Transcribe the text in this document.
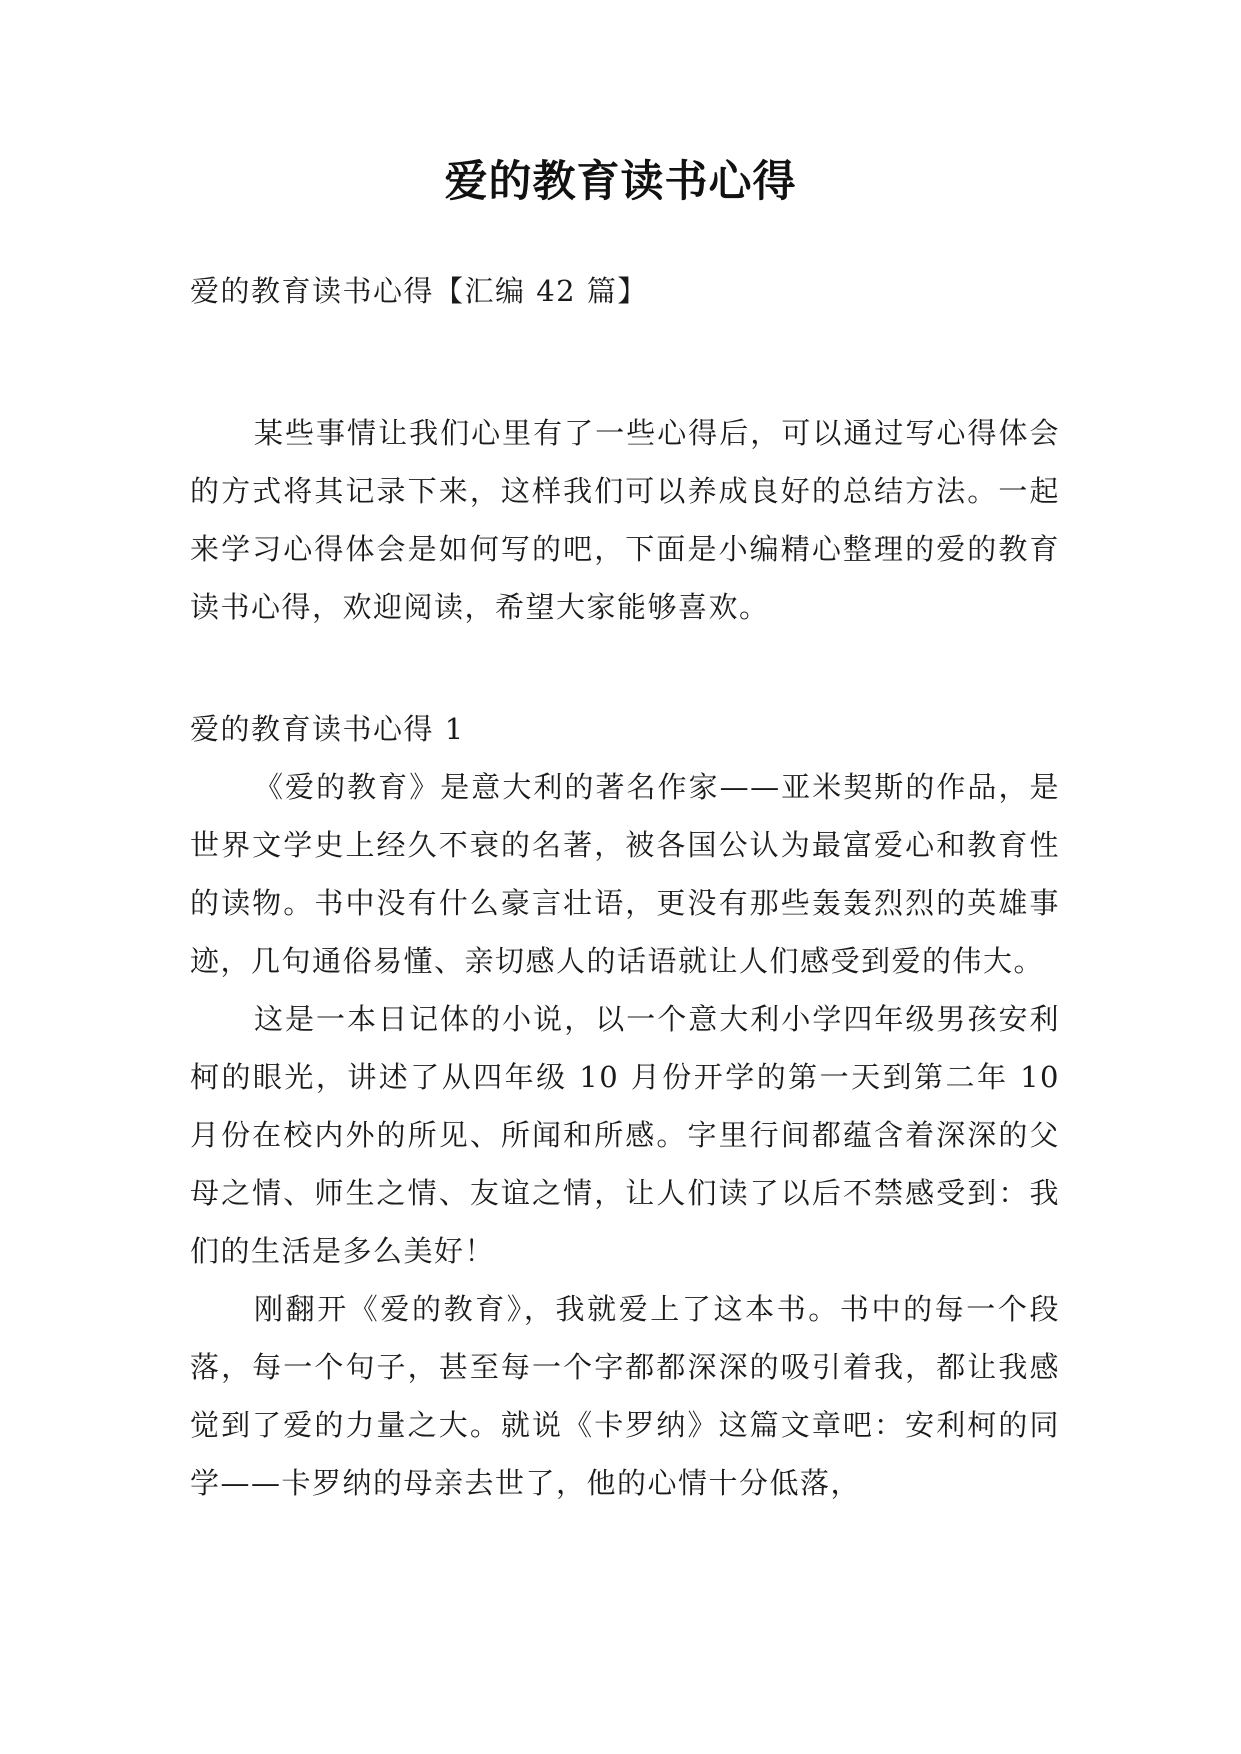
爱的教育读书心得
爱的教育读书心得【汇编 42 篇】

某些事情让我们心里有了一些心得后，可以通过写心得体会的方式将其记录下来，这样我们可以养成良好的总结方法。一起来学习心得体会是如何写的吧，下面是小编精心整理的爱的教育读书心得，欢迎阅读，希望大家能够喜欢。

爱的教育读书心得 1

《爱的教育》是意大利的著名作家——亚米契斯的作品，是世界文学史上经久不衰的名著，被各国公认为最富爱心和教育性的读物。书中没有什么豪言壮语，更没有那些轰轰烈烈的英雄事迹，几句通俗易懂、亲切感人的话语就让人们感受到爱的伟大。

这是一本日记体的小说，以一个意大利小学四年级男孩安利柯的眼光，讲述了从四年级 10 月份开学的第一天到第二年 10 月份在校内外的所见、所闻和所感。字里行间都蕴含着深深的父母之情、师生之情、友谊之情，让人们读了以后不禁感受到：我们的生活是多么美好！

刚翻开《爱的教育》，我就爱上了这本书。书中的每一个段落，每一个句子，甚至每一个字都都深深的吸引着我，都让我感觉到了爱的力量之大。就说《卡罗纳》这篇文章吧：安利柯的同学——卡罗纳的母亲去世了，他的心情十分低落，
